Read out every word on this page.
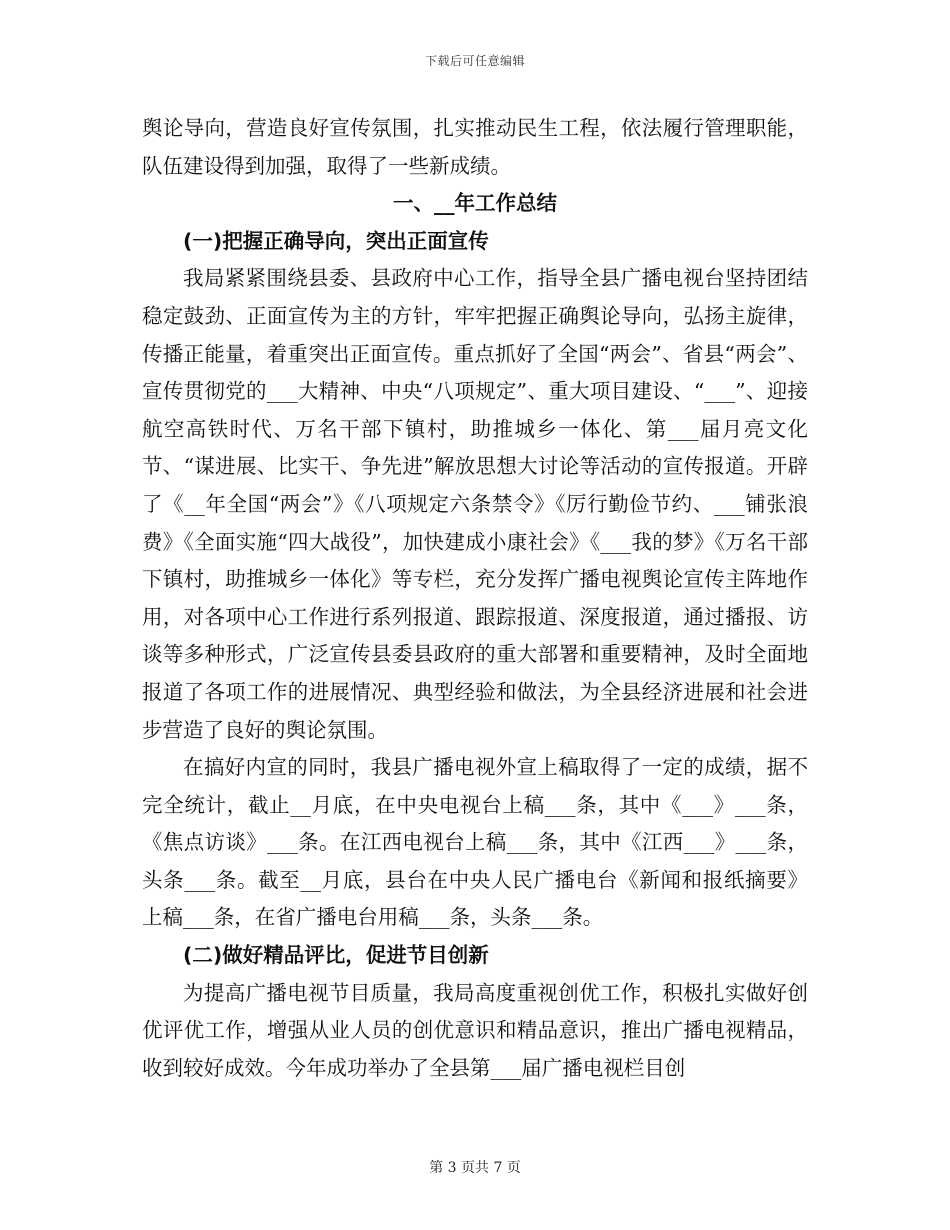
下载后可任意编辑

舆论导向，营造良好宣传氛围，扎实推动民生工程，依法履行管理职能，队伍建设得到加强，取得了一些新成绩。

一、__年工作总结

(一)把握正确导向，突出正面宣传

我局紧紧围绕县委、县政府中心工作，指导全县广播电视台坚持团结稳定鼓劲、正面宣传为主的方针，牢牢把握正确舆论导向，弘扬主旋律，传播正能量，着重突出正面宣传。重点抓好了全国“两会”、省县“两会”、宣传贯彻党的___大精神、中央“八项规定”、重大项目建设、“___”、迎接航空高铁时代、万名干部下镇村，助推城乡一体化、第___届月亮文化节、“谋进展、比实干、争先进”解放思想大讨论等活动的宣传报道。开辟了《__年全国“两会”》《八项规定六条禁令》《厉行勤俭节约、___铺张浪费》《全面实施“四大战役”，加快建成小康社会》《___我的梦》《万名干部下镇村，助推城乡一体化》等专栏，充分发挥广播电视舆论宣传主阵地作用，对各项中心工作进行系列报道、跟踪报道、深度报道，通过播报、访谈等多种形式，广泛宣传县委县政府的重大部署和重要精神，及时全面地报道了各项工作的进展情况、典型经验和做法，为全县经济进展和社会进步营造了良好的舆论氛围。

在搞好内宣的同时，我县广播电视外宣上稿取得了一定的成绩，据不完全统计，截止__月底，在中央电视台上稿___条，其中《___》___条，《焦点访谈》___条。在江西电视台上稿___条，其中《江西___》___条，头条___条。截至__月底，县台在中央人民广播电台《新闻和报纸摘要》上稿___条，在省广播电台用稿___条，头条___条。

(二)做好精品评比，促进节目创新

为提高广播电视节目质量，我局高度重视创优工作，积极扎实做好创优评优工作，增强从业人员的创优意识和精品意识，推出广播电视精品，收到较好成效。今年成功举办了全县第___届广播电视栏目创

第 3 页共 7 页
